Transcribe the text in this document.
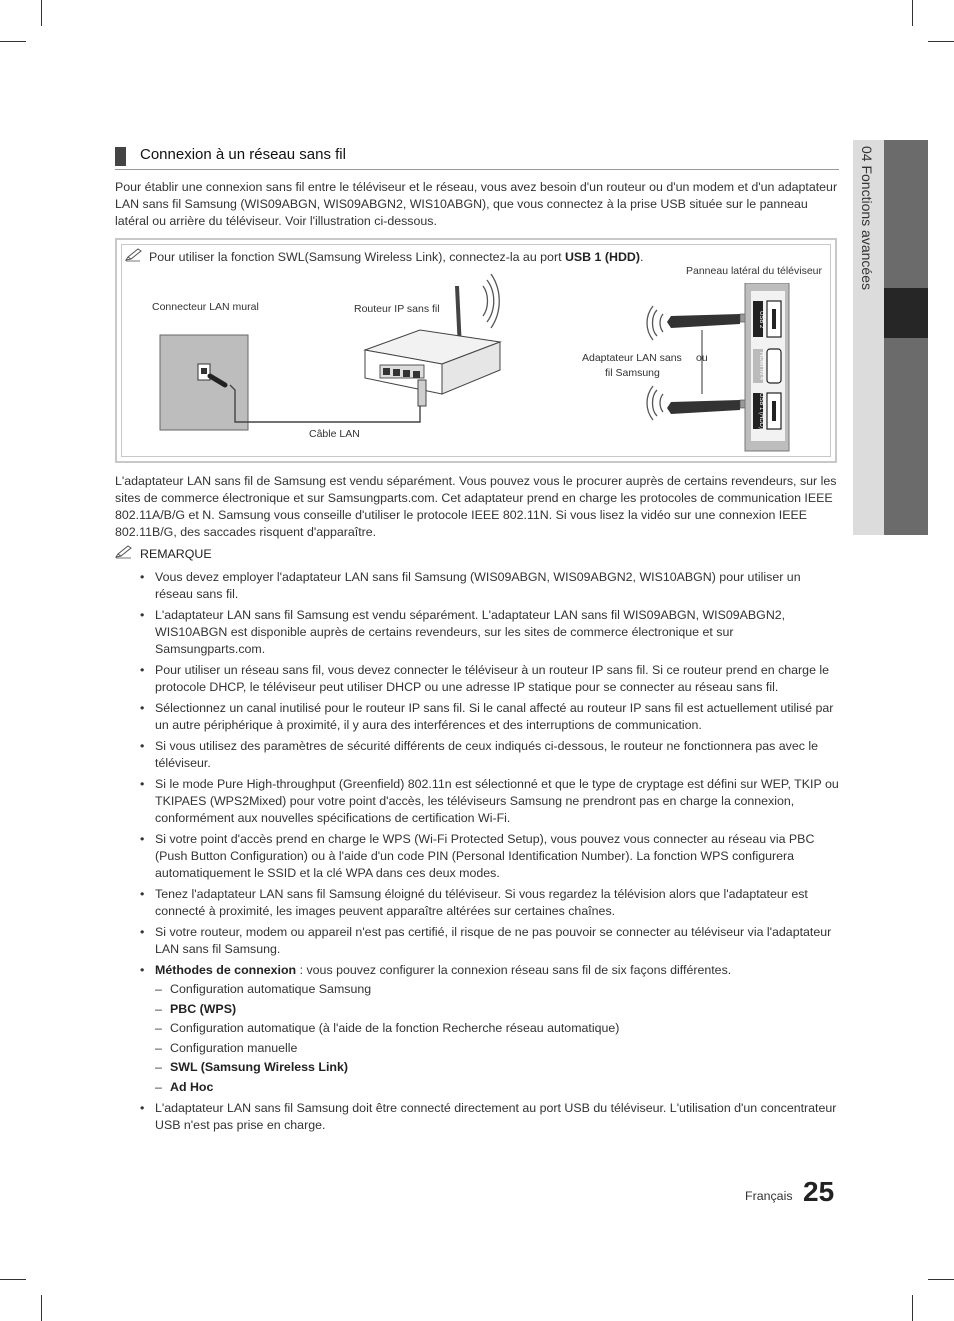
04 Fonctions avancées
Connexion à un réseau sans fil
Pour établir une connexion sans fil entre le téléviseur et le réseau, vous avez besoin d'un routeur ou d'un modem et d'un adaptateur LAN sans fil Samsung (WIS09ABGN, WIS09ABGN2, WIS10ABGN), que vous connectez à la prise USB située sur le panneau latéral ou arrière du téléviseur. Voir l'illustration ci-dessous.
Pour utiliser la fonction SWL(Samsung Wireless Link), connectez-la au port USB 1 (HDD).
Connecteur LAN mural	Routeur IP sans fil
Panneau latéral du téléviseur
Adaptateur LAN sans
fil Samsung
ou
Câble LAN
USB 2
HDMI IN 4
USB 1 (HDD)
L'adaptateur LAN sans fil de Samsung est vendu séparément. Vous pouvez vous le procurer auprès de certains revendeurs, sur les sites de commerce électronique et sur Samsungparts.com. Cet adaptateur prend en charge les protocoles de communication IEEE 802.11A/B/G et N. Samsung vous conseille d'utiliser le protocole IEEE 802.11N. Si vous lisez la vidéo sur une connexion IEEE 802.11B/G, des saccades risquent d'apparaître.
REMARQUE
• Vous devez employer l'adaptateur LAN sans fil Samsung (WIS09ABGN, WIS09ABGN2, WIS10ABGN) pour utiliser un réseau sans fil.
• L'adaptateur LAN sans fil Samsung est vendu séparément. L'adaptateur LAN sans fil WIS09ABGN, WIS09ABGN2, WIS10ABGN est disponible auprès de certains revendeurs, sur les sites de commerce électronique et sur Samsungparts.com.
• Pour utiliser un réseau sans fil, vous devez connecter le téléviseur à un routeur IP sans fil. Si ce routeur prend en charge le protocole DHCP, le téléviseur peut utiliser DHCP ou une adresse IP statique pour se connecter au réseau sans fil.
• Sélectionnez un canal inutilisé pour le routeur IP sans fil. Si le canal affecté au routeur IP sans fil est actuellement utilisé par un autre périphérique à proximité, il y aura des interférences et des interruptions de communication.
• Si vous utilisez des paramètres de sécurité différents de ceux indiqués ci-dessous, le routeur ne fonctionnera pas avec le téléviseur.
• Si le mode Pure High-throughput (Greenfield) 802.11n est sélectionné et que le type de cryptage est défini sur WEP, TKIP ou TKIPAES (WPS2Mixed) pour votre point d'accès, les téléviseurs Samsung ne prendront pas en charge la connexion, conformément aux nouvelles spécifications de certification Wi-Fi.
• Si votre point d'accès prend en charge le WPS (Wi-Fi Protected Setup), vous pouvez vous connecter au réseau via PBC (Push Button Configuration) ou à l'aide d'un code PIN (Personal Identification Number). La fonction WPS configurera automatiquement le SSID et la clé WPA dans ces deux modes.
• Tenez l'adaptateur LAN sans fil Samsung éloigné du téléviseur. Si vous regardez la télévision alors que l'adaptateur est connecté à proximité, les images peuvent apparaître altérées sur certaines chaînes.
• Si votre routeur, modem ou appareil n'est pas certifié, il risque de ne pas pouvoir se connecter au téléviseur via l'adaptateur LAN sans fil Samsung.
• Méthodes de connexion : vous pouvez configurer la connexion réseau sans fil de six façons différentes.
– Configuration automatique Samsung
– PBC (WPS)
– Configuration automatique (à l'aide de la fonction Recherche réseau automatique)
– Configuration manuelle
– SWL (Samsung Wireless Link)
– Ad Hoc
• L'adaptateur LAN sans fil Samsung doit être connecté directement au port USB du téléviseur. L'utilisation d'un concentrateur USB n'est pas prise en charge.
Français 25
